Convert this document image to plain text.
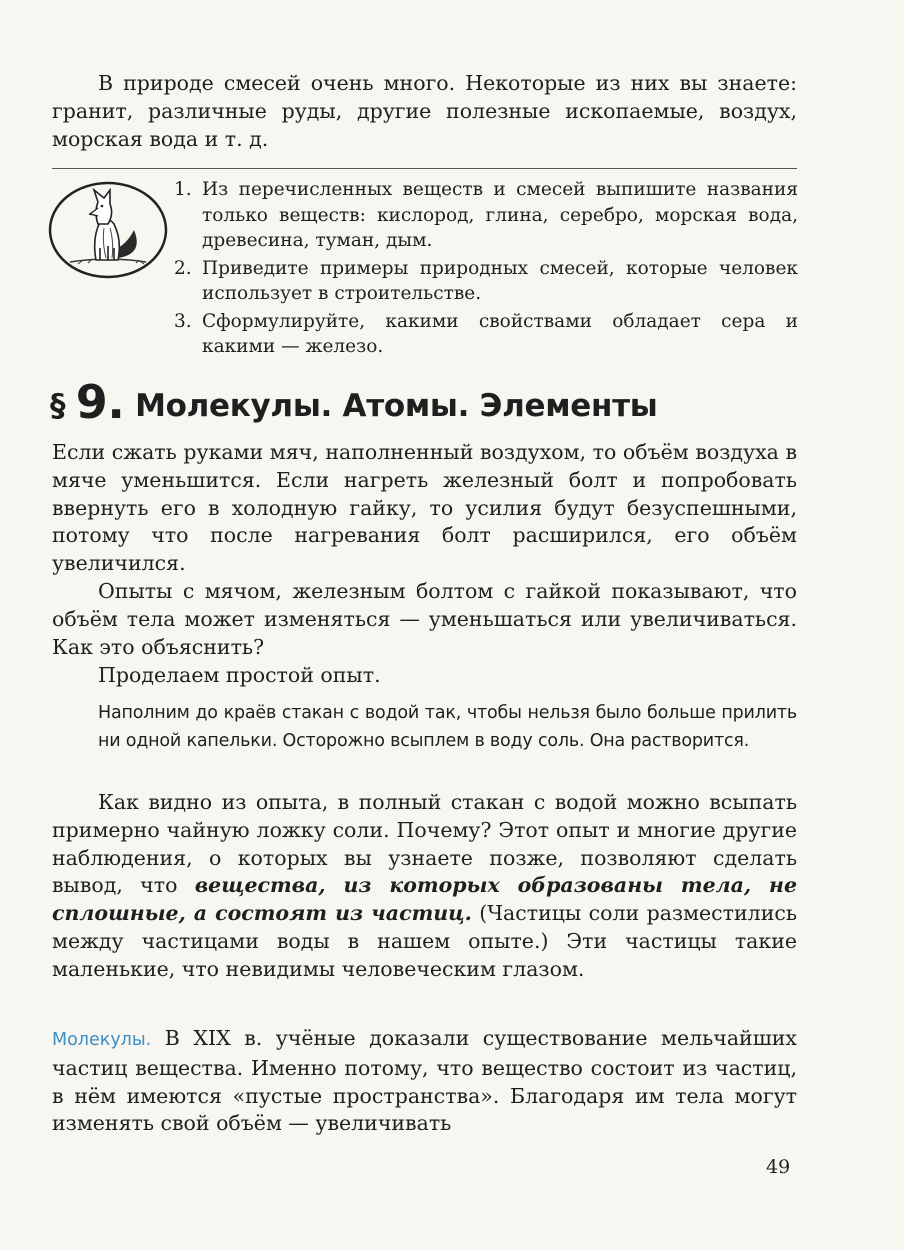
В природе смесей очень много. Некоторые из них вы знаете: гранит, различные руды, другие полезные ископаемые, воздух, морская вода и т. д.

1. Из перечисленных веществ и смесей выпишите названия только веществ: кислород, глина, серебро, морская вода, древесина, туман, дым.
2. Приведите примеры природных смесей, которые человек использует в строительстве.
3. Сформулируйте, какими свойствами обладает сера и какими — железо.
§ 9. Молекулы. Атомы. Элементы

Если сжать руками мяч, наполненный воздухом, то объём воздуха в мяче уменьшится. Если нагреть железный болт и попробовать ввернуть его в холодную гайку, то усилия будут безуспешными, потому что после нагревания болт расширился, его объём увеличился.

Опыты с мячом, железным болтом с гайкой показывают, что объём тела может изменяться — уменьшаться или увеличиваться. Как это объяснить?

Проделаем простой опыт.

Наполним до краёв стакан с водой так, чтобы нельзя было больше прилить ни одной капельки. Осторожно всыплем в воду соль. Она растворится.

Как видно из опыта, в полный стакан с водой можно всыпать примерно чайную ложку соли. Почему? Этот опыт и многие другие наблюдения, о которых вы узнаете позже, позволяют сделать вывод, что вещества, из которых образованы тела, не сплошные, а состоят из частиц. (Частицы соли разместились между частицами воды в нашем опыте.) Эти частицы такие маленькие, что невидимы человеческим глазом.

Молекулы. В XIX в. учёные доказали существование мельчайших частиц вещества. Именно потому, что вещество состоит из частиц, в нём имеются «пустые пространства». Благодаря им тела могут изменять свой объём — увеличивать

49
